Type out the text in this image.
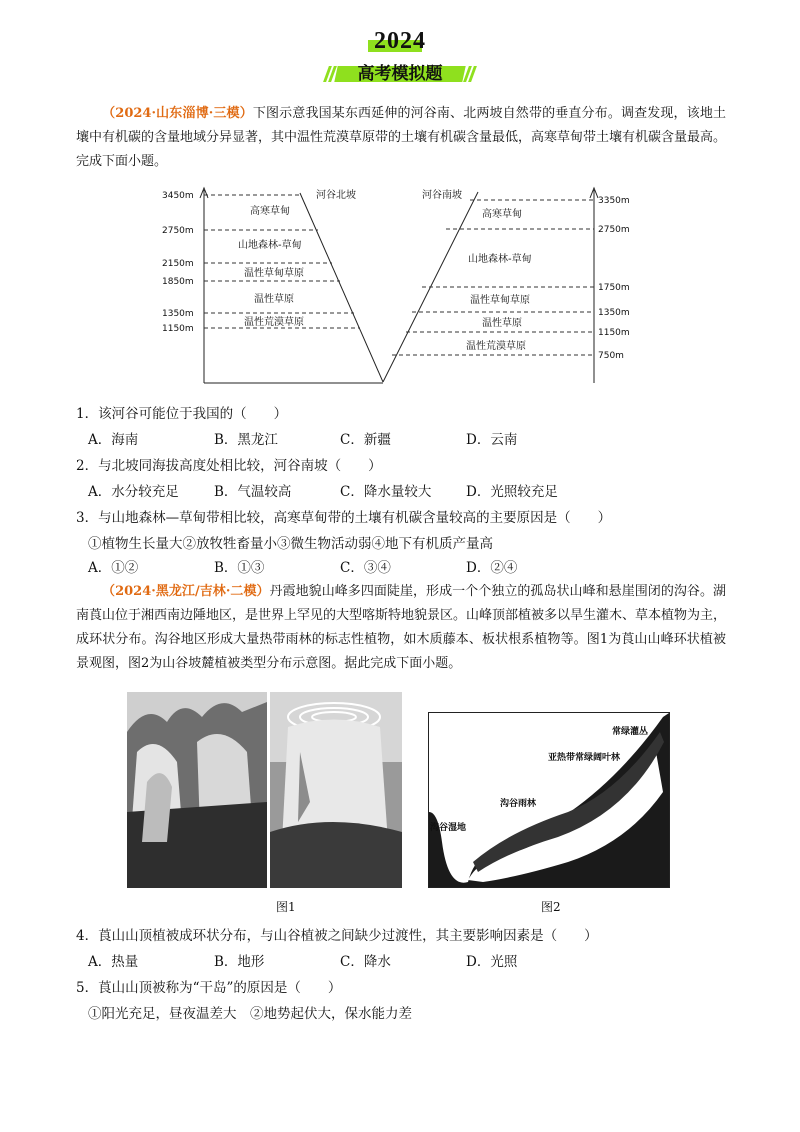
2024
高考模拟题
（2024·山东淄博·三模）下图示意我国某东西延伸的河谷南、北两坡自然带的垂直分布。调查发现，该地土壤中有机碳的含量地域分异显著，其中温性荒漠草原带的土壤有机碳含量最低，高寒草甸带土壤有机碳含量最高。完成下面小题。
3450m
2750m
2150m
1850m
1350m
1150m
3350m
2750m
1750m
1350m
1150m
750m
河谷北坡	河谷南坡
高寒草甸
山地森林-草甸
温性草甸草原
温性草原
温性荒漠草原
高寒草甸
山地森林-草甸
温性草甸草原
温性草原
温性荒漠草原
1．该河谷可能位于我国的（　　）
A．海南	B．黑龙江	C．新疆	D．云南
2．与北坡同海拔高度处相比较，河谷南坡（　　）
A．水分较充足	B．气温较高	C．降水量较大	D．光照较充足
3．与山地森林—草甸带相比较，高寒草甸带的土壤有机碳含量较高的主要原因是（　　）
①植物生长量大②放牧牲畜量小③微生物活动弱④地下有机质产量高
A．①②	B．①③	C．③④	D．②④
（2024·黑龙江/吉林·二模）丹霞地貌山峰多四面陡崖，形成一个个独立的孤岛状山峰和悬崖围闭的沟谷。湖南莨山位于湘西南边陲地区，是世界上罕见的大型喀斯特地貌景区。山峰顶部植被多以旱生灌木、草本植物为主，成环状分布。沟谷地区形成大量热带雨林的标志性植物，如木质藤本、板状根系植物等。图1为莨山山峰环状植被景观图，图2为山谷坡麓植被类型分布示意图。据此完成下面小题。
常绿灌丛
亚热带常绿阔叶林
沟谷雨林
沟谷湿地
图1	图2
4．莨山山顶植被成环状分布，与山谷植被之间缺少过渡性，其主要影响因素是（　　）
A．热量	B．地形	C．降水	D．光照
5．莨山山顶被称为“干岛”的原因是（　　）
①阳光充足，昼夜温差大　②地势起伏大，保水能力差
